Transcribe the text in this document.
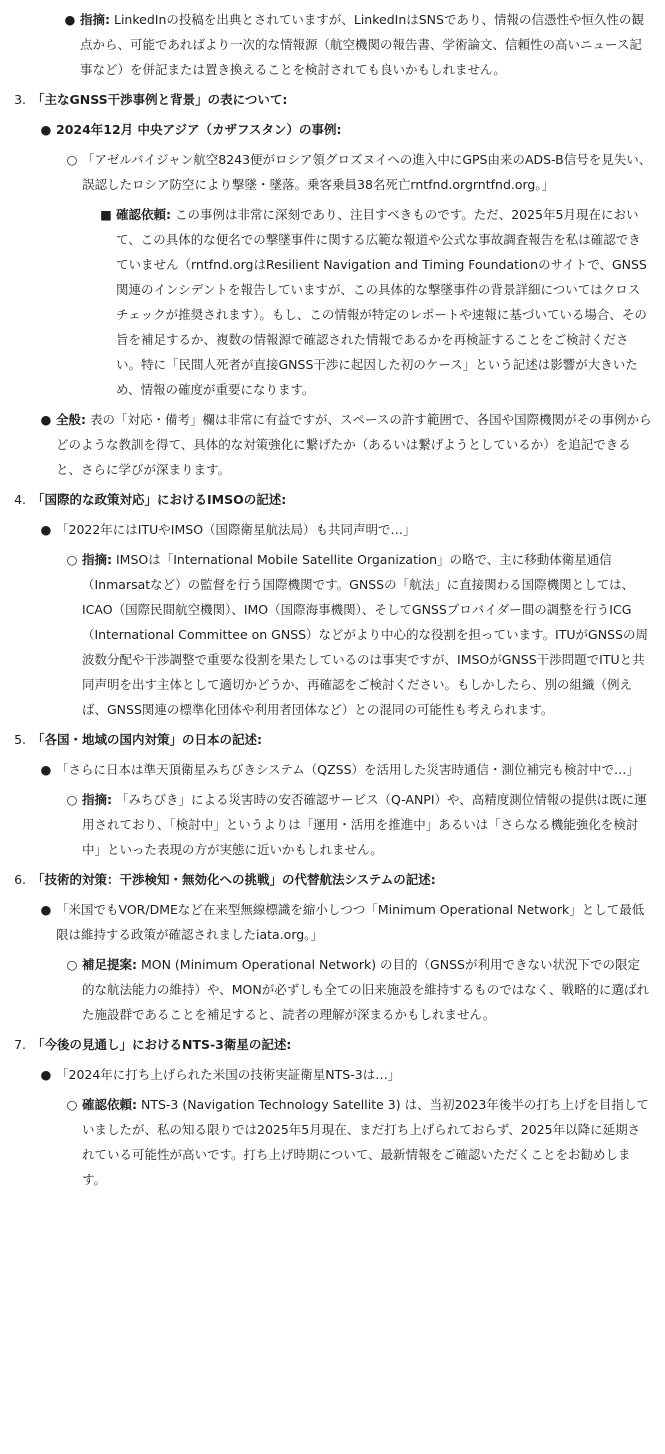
● 指摘: LinkedInの投稿を出典とされていますが、LinkedInはSNSであり、情報の信憑性や恒久性の観点から、可能であればより一次的な情報源（航空機関の報告書、学術論文、信頼性の高いニュース記事など）を併記または置き換えることを検討されても良いかもしれません。

3. 「主なGNSS干渉事例と背景」の表について:

● 2024年12月 中央アジア（カザフスタン）の事例:

○ 「アゼルバイジャン航空8243便がロシア領グロズヌイへの進入中にGPS由来のADS-B信号を見失い、誤認したロシア防空により撃墜・墜落。乗客乗員38名死亡rntfnd.orgrntfnd.org。」

■ 確認依頼: この事例は非常に深刻であり、注目すべきものです。ただ、2025年5月現在において、この具体的な便名での撃墜事件に関する広範な報道や公式な事故調査報告を私は確認できていません（rntfnd.orgはResilient Navigation and Timing Foundationのサイトで、GNSS関連のインシデントを報告していますが、この具体的な撃墜事件の背景詳細についてはクロスチェックが推奨されます）。もし、この情報が特定のレポートや速報に基づいている場合、その旨を補足するか、複数の情報源で確認された情報であるかを再検証することをご検討ください。特に「民間人死者が直接GNSS干渉に起因した初のケース」という記述は影響が大きいため、情報の確度が重要になります。

● 全般: 表の「対応・備考」欄は非常に有益ですが、スペースの許す範囲で、各国や国際機関がその事例からどのような教訓を得て、具体的な対策強化に繋げたか（あるいは繋げようとしているか）を追記できると、さらに学びが深まります。

4. 「国際的な政策対応」におけるIMSOの記述:

● 「2022年にはITUやIMSO（国際衛星航法局）も共同声明で…」

○ 指摘: IMSOは「International Mobile Satellite Organization」の略で、主に移動体衛星通信（Inmarsatなど）の監督を行う国際機関です。GNSSの「航法」に直接関わる国際機関としては、ICAO（国際民間航空機関）、IMO（国際海事機関）、そしてGNSSプロバイダー間の調整を行うICG（International Committee on GNSS）などがより中心的な役割を担っています。ITUがGNSSの周波数分配や干渉調整で重要な役割を果たしているのは事実ですが、IMSOがGNSS干渉問題でITUと共同声明を出す主体として適切かどうか、再確認をご検討ください。もしかしたら、別の組織（例えば、GNSS関連の標準化団体や利用者団体など）との混同の可能性も考えられます。

5. 「各国・地域の国内対策」の日本の記述:

● 「さらに日本は準天頂衛星みちびきシステム（QZSS）を活用した災害時通信・測位補完も検討中で…」

○ 指摘: 「みちびき」による災害時の安否確認サービス（Q-ANPI）や、高精度測位情報の提供は既に運用されており、「検討中」というよりは「運用・活用を推進中」あるいは「さらなる機能強化を検討中」といった表現の方が実態に近いかもしれません。

6. 「技術的対策：干渉検知・無効化への挑戦」の代替航法システムの記述:

● 「米国でもVOR/DMEなど在来型無線標識を縮小しつつ「Minimum Operational Network」として最低限は維持する政策が確認されましたiata.org。」

○ 補足提案: MON (Minimum Operational Network) の目的（GNSSが利用できない状況下での限定的な航法能力の維持）や、MONが必ずしも全ての旧来施設を維持するものではなく、戦略的に選ばれた施設群であることを補足すると、読者の理解が深まるかもしれません。

7. 「今後の見通し」におけるNTS-3衛星の記述:

● 「2024年に打ち上げられた米国の技術実証衛星NTS-3は…」

○ 確認依頼: NTS-3 (Navigation Technology Satellite 3) は、当初2023年後半の打ち上げを目指していましたが、私の知る限りでは2025年5月現在、まだ打ち上げられておらず、2025年以降に延期されている可能性が高いです。打ち上げ時期について、最新情報をご確認いただくことをお勧めします。
